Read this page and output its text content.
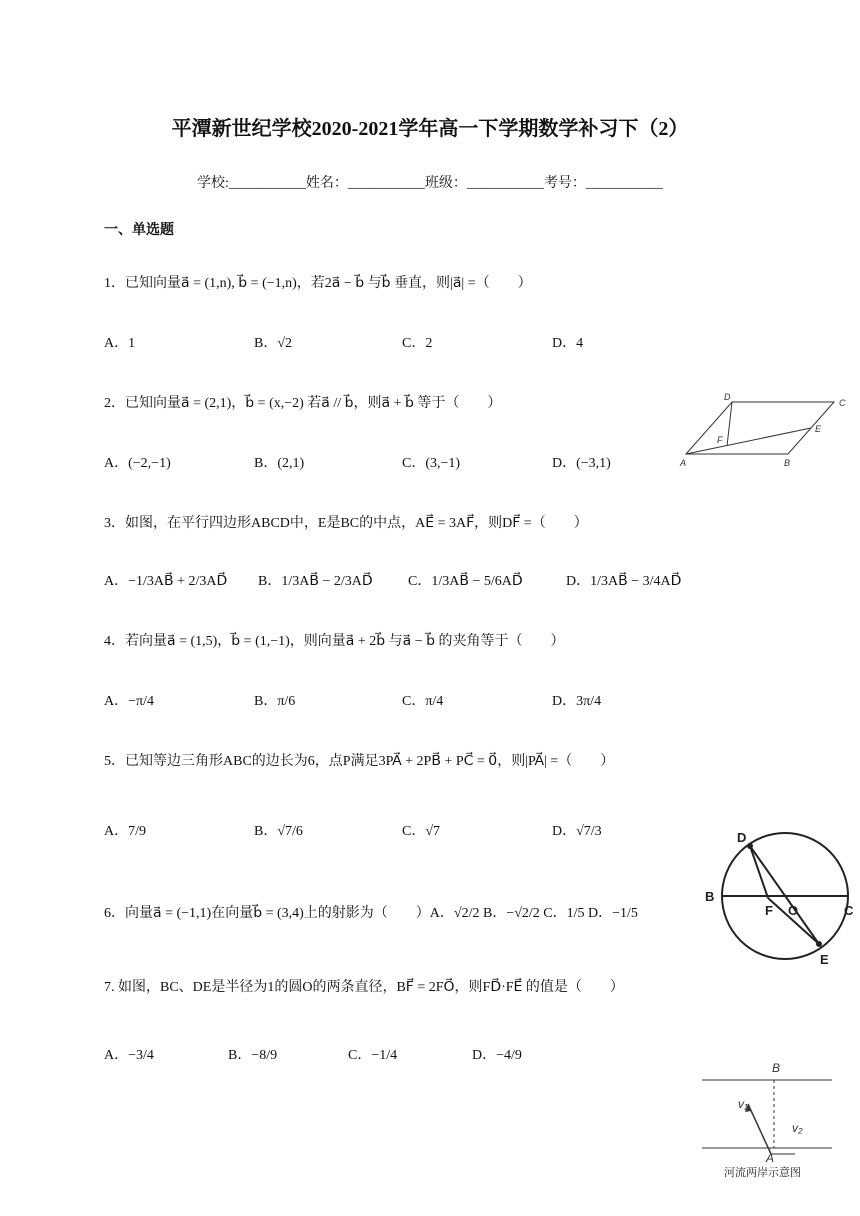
平潭新世纪学校2020-2021学年高一下学期数学补习下（2）
学校:___________姓名：___________班级：___________考号：___________
一、单选题
1．已知向量a⃗ = (1,n), b⃗ = (−1,n)，若2a⃗ − b⃗ 与b⃗ 垂直，则|a⃗| =（　　）
A．1	B．√2	C．2	D．4
2．已知向量a⃗ = (2,1)，b⃗ = (x,−2) 若a⃗ // b⃗，则a⃗ + b⃗ 等于（　　）
A．(−2,−1)	B．(2,1)	C．(3,−1)	D．(−3,1)
3．如图，在平行四边形ABCD中，E是BC的中点，AE⃗ = 3AF⃗，则DF⃗ =（　　）
A．−1/3AB⃗ + 2/3AD⃗ B．1/3AB⃗ − 2/3AD⃗	C．1/3AB⃗ − 5/6AD⃗	D．1/3AB⃗ − 3/4AD⃗
4．若向量a⃗ = (1,5)，b⃗ = (1,−1)，则向量a⃗ + 2b⃗ 与a⃗ − b⃗ 的夹角等于（　　）
A．−π/4	B．π/6	C．π/4	D．3π/4
5．已知等边三角形ABC的边长为6，点P满足3PA⃗ + 2PB⃗ + PC⃗ = 0⃗，则|PA⃗| =（　　）
A．7/9	B．√7/6	C．√7	D．√7/3
6．向量a⃗ = (−1,1)在向量b⃗ = (3,4)上的射影为（　　）A．√2/2 B．−√2/2 C．1/5 D．−1/5
7. 如图，BC、DE是半径为1的圆O的两条直径，BF⃗ = 2FO⃗，则FD⃗·FE⃗ 的值是（　　）
A．−3/4	B．−8/9	C．−1/4	D．−4/9
D
C
F
E
A	B
D
B
F O	C
E
B
v₁
v₂
A
河流两岸示意图
